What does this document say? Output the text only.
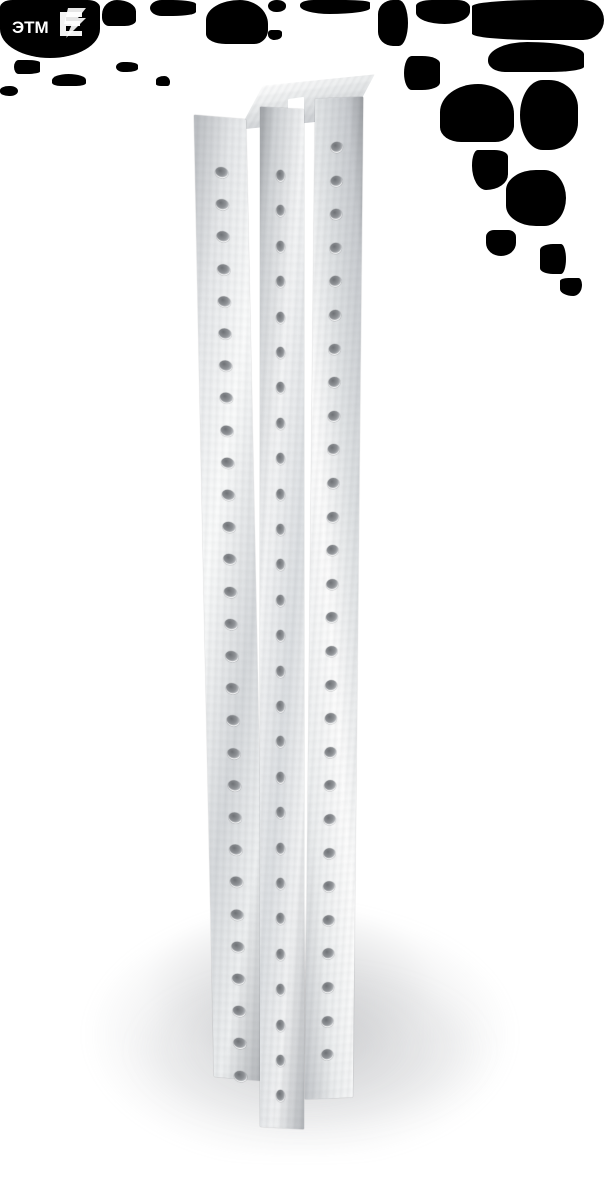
ЭТМ
